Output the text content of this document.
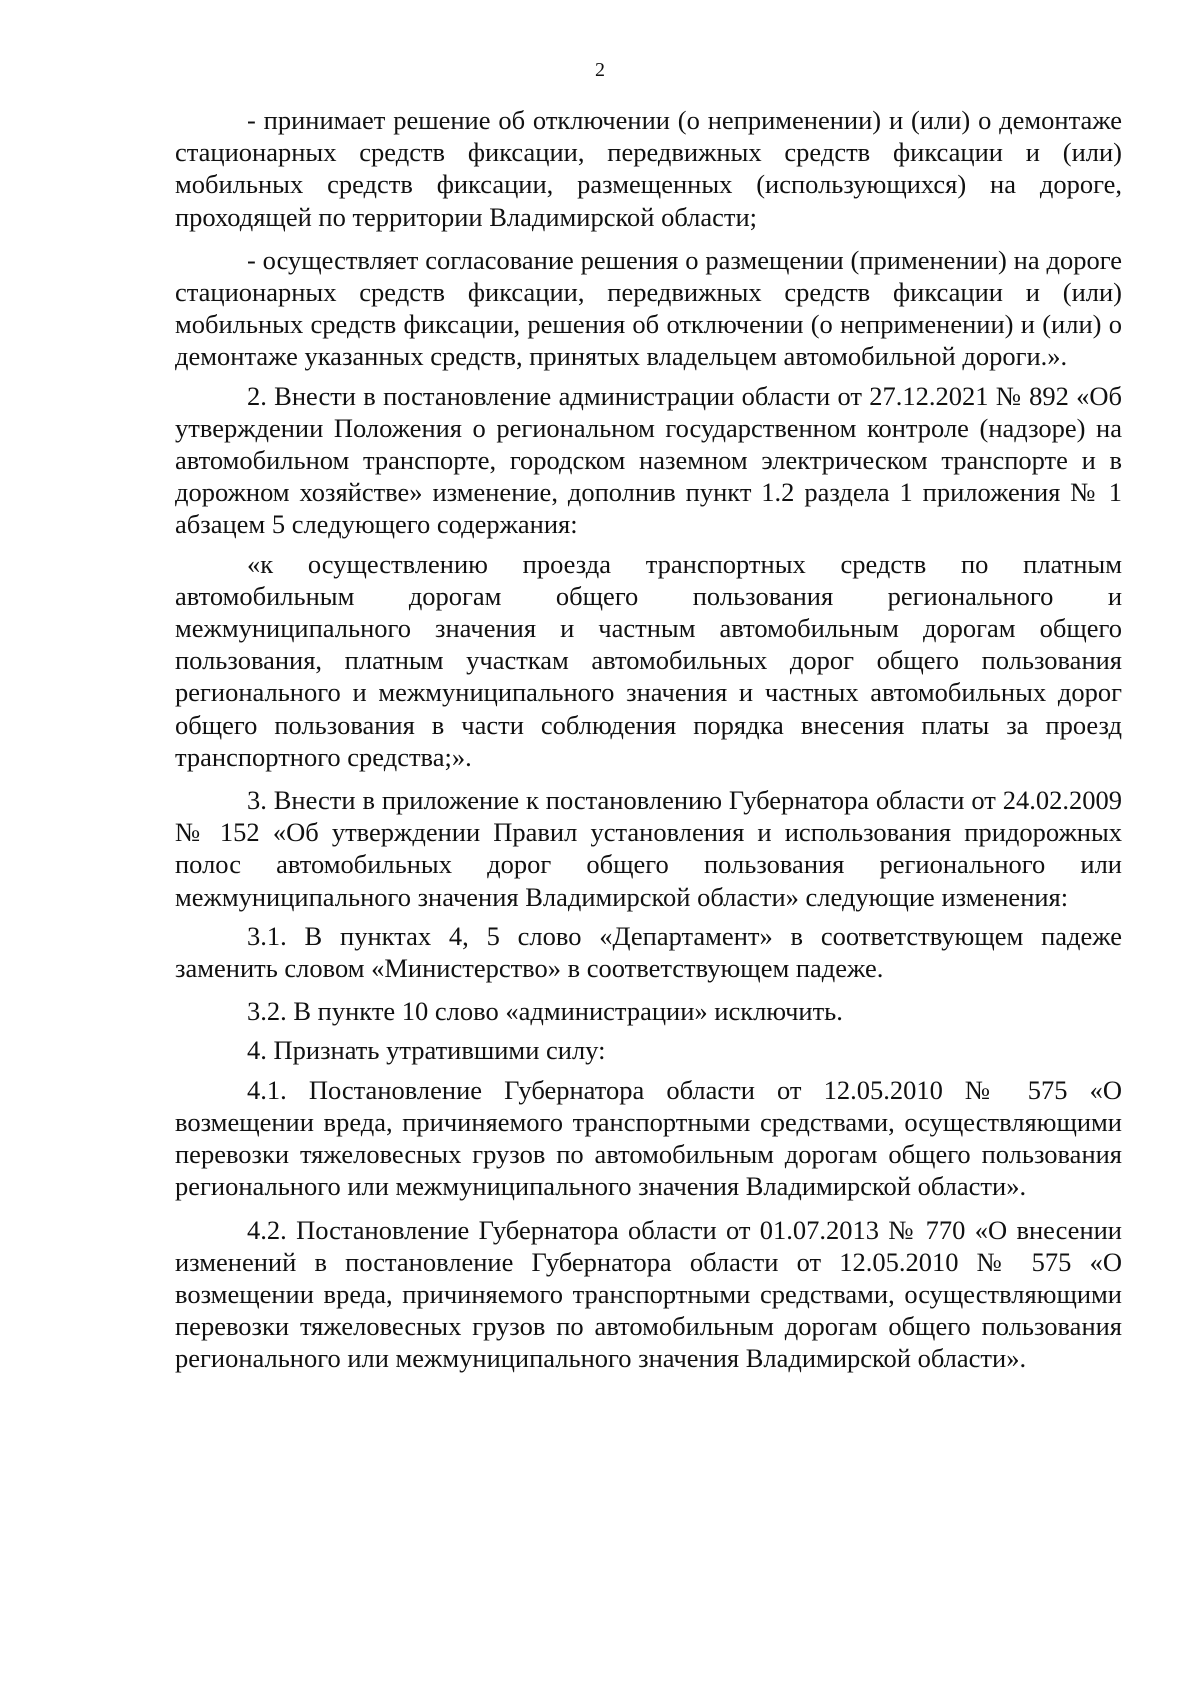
2

- принимает решение об отключении (о неприменении) и (или) о демонтаже стационарных средств фиксации, передвижных средств фиксации и (или) мобильных средств фиксации, размещенных (использующихся) на дороге, проходящей по территории Владимирской области;

- осуществляет согласование решения о размещении (применении) на дороге стационарных средств фиксации, передвижных средств фиксации и (или) мобильных средств фиксации, решения об отключении (о неприменении) и (или) о демонтаже указанных средств, принятых владельцем автомобильной дороги.».

2. Внести в постановление администрации области от 27.12.2021 № 892 «Об утверждении Положения о региональном государственном контроле (надзоре) на автомобильном транспорте, городском наземном электрическом транспорте и в дорожном хозяйстве» изменение, дополнив пункт 1.2 раздела 1 приложения № 1 абзацем 5 следующего содержания:

«к осуществлению проезда транспортных средств по платным автомобильным дорогам общего пользования регионального и межмуниципального значения и частным автомобильным дорогам общего пользования, платным участкам автомобильных дорог общего пользования регионального и межмуниципального значения и частных автомобильных дорог общего пользования в части соблюдения порядка внесения платы за проезд транспортного средства;».

3. Внести в приложение к постановлению Губернатора области от 24.02.2009 № 152 «Об утверждении Правил установления и использования придорожных полос автомобильных дорог общего пользования регионального или межмуниципального значения Владимирской области» следующие изменения:

3.1. В пунктах 4, 5 слово «Департамент» в соответствующем падеже заменить словом «Министерство» в соответствующем падеже.

3.2. В пункте 10 слово «администрации» исключить.

4. Признать утратившими силу:

4.1. Постановление Губернатора области от 12.05.2010 № 575 «О возмещении вреда, причиняемого транспортными средствами, осуществляющими перевозки тяжеловесных грузов по автомобильным дорогам общего пользования регионального или межмуниципального значения Владимирской области».

4.2. Постановление Губернатора области от 01.07.2013 № 770 «О внесении изменений в постановление Губернатора области от 12.05.2010 № 575 «О возмещении вреда, причиняемого транспортными средствами, осуществляющими перевозки тяжеловесных грузов по автомобильным дорогам общего пользования регионального или межмуниципального значения Владимирской области».
